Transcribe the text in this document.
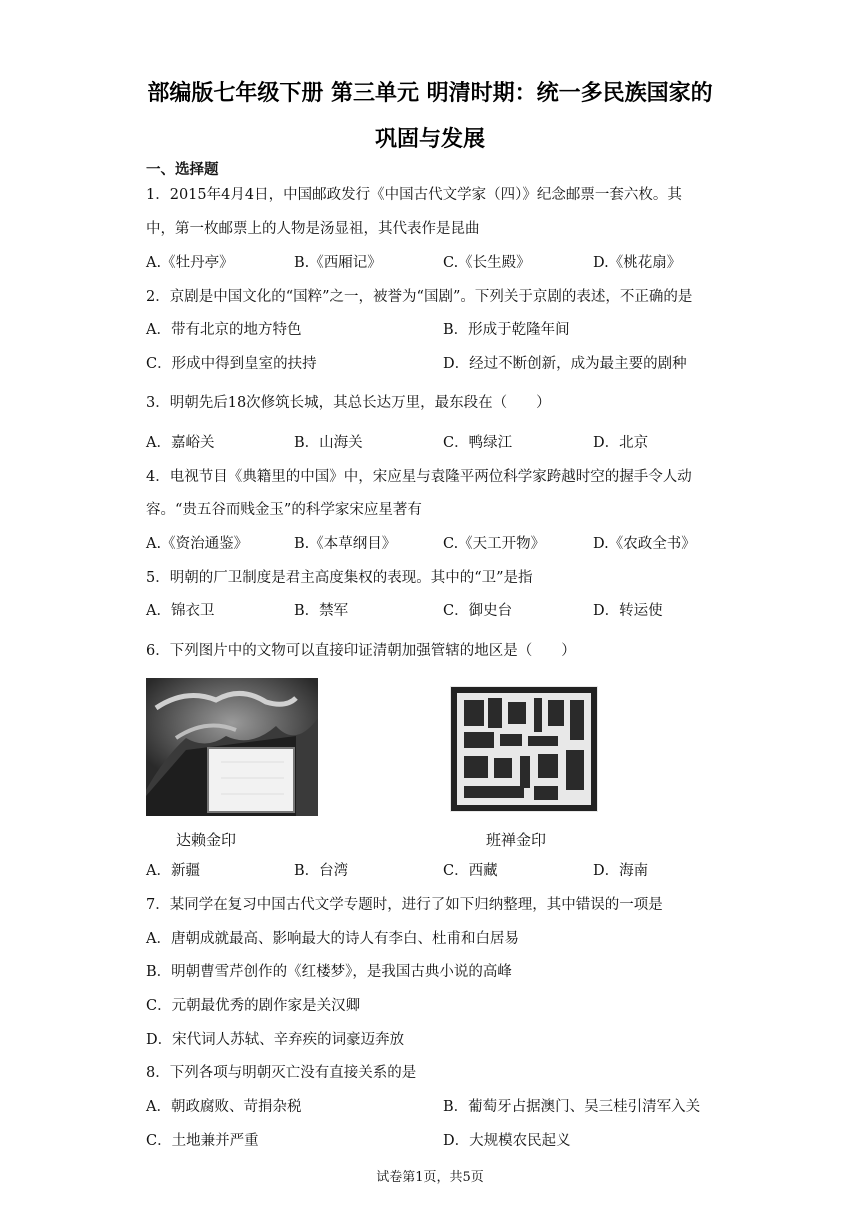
部编版七年级下册 第三单元 明清时期：统一多民族国家的
巩固与发展
一、选择题
1．2015年4月4日，中国邮政发行《中国古代文学家（四）》纪念邮票一套六枚。其
中，第一枚邮票上的人物是汤显祖，其代表作是昆曲
A.《牡丹亭》	B.《西厢记》	C.《长生殿》	D.《桃花扇》
2．京剧是中国文化的“国粹”之一，被誉为“国剧”。下列关于京剧的表述，不正确的是
A．带有北京的地方特色	B．形成于乾隆年间
C．形成中得到皇室的扶持	D．经过不断创新，成为最主要的剧种
3．明朝先后18次修筑长城，其总长达万里，最东段在（　　）
A．嘉峪关	B．山海关	C．鸭绿江	D．北京
4．电视节目《典籍里的中国》中，宋应星与袁隆平两位科学家跨越时空的握手令人动
容。“贵五谷而贱金玉”的科学家宋应星著有
A.《资治通鉴》	B.《本草纲目》	C.《天工开物》	D.《农政全书》
5．明朝的厂卫制度是君主高度集权的表现。其中的“卫”是指
A．锦衣卫	B．禁军	C．御史台	D．转运使
6．下列图片中的文物可以直接印证清朝加强管辖的地区是（　　）
达赖金印	班禅金印
A．新疆	B．台湾	C．西藏	D．海南
7．某同学在复习中国古代文学专题时，进行了如下归纳整理，其中错误的一项是
A．唐朝成就最高、影响最大的诗人有李白、杜甫和白居易
B．明朝曹雪芹创作的《红楼梦》，是我国古典小说的高峰
C．元朝最优秀的剧作家是关汉卿
D．宋代词人苏轼、辛弃疾的词豪迈奔放
8．下列各项与明朝灭亡没有直接关系的是
A．朝政腐败、苛捐杂税	B．葡萄牙占据澳门、吴三桂引清军入关
C．土地兼并严重	D．大规模农民起义
试卷第1页，共5页
